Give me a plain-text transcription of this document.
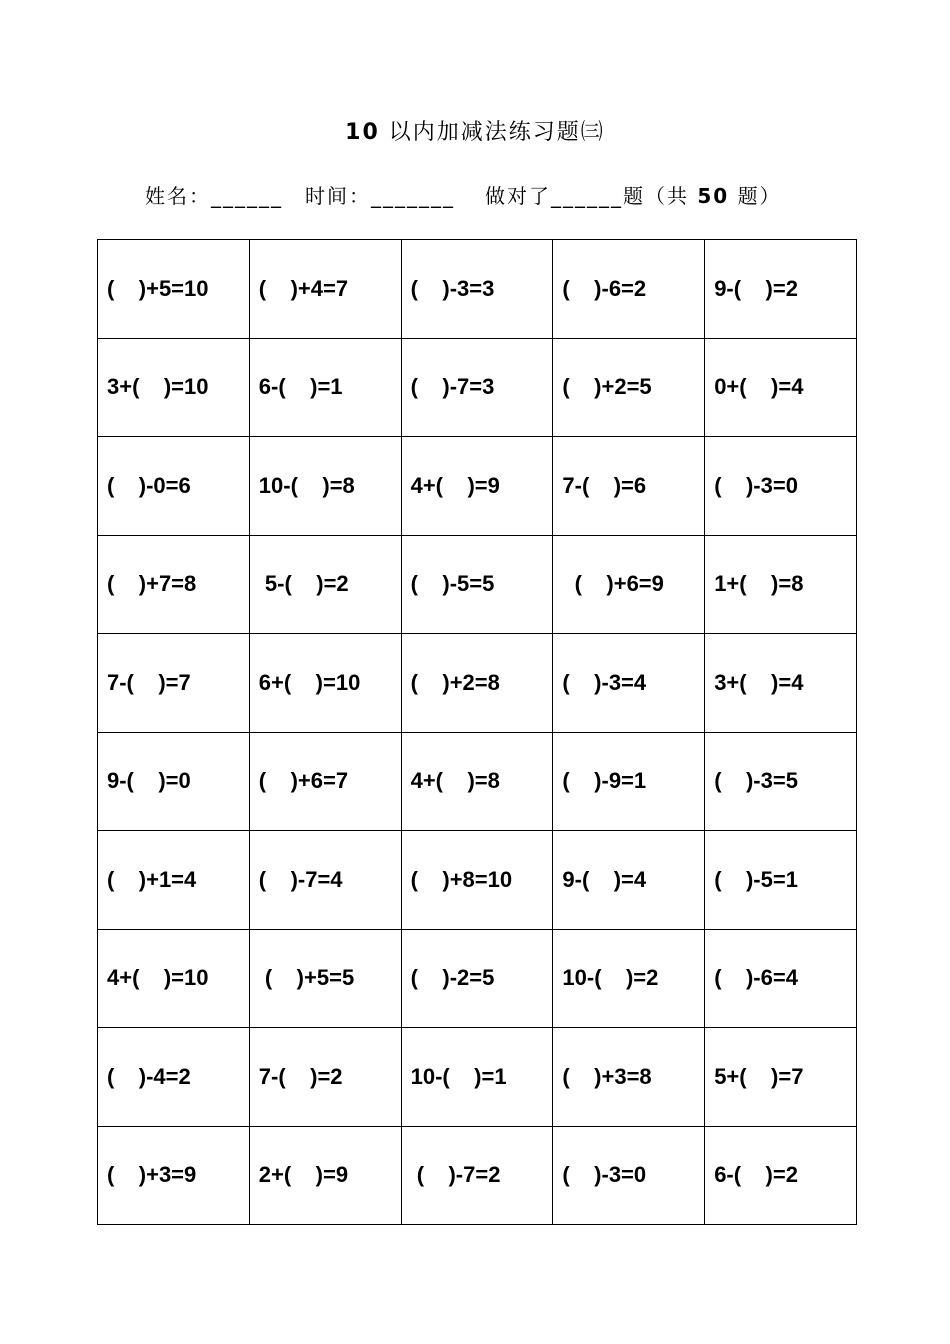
10 以内加减法练习题㈢
姓名：______ 时间：_______ 做对了______题（共 50 题）
(    )+5=10	(    )+4=7	(    )-3=3	(    )-6=2	9-(    )=2
3+(    )=10	6-(    )=1	(    )-7=3	(    )+2=5	0+(    )=4
(    )-0=6	10-(    )=8	4+(    )=9	7-(    )=6	(    )-3=0
(    )+7=8	5-(    )=2	(    )-5=5	(    )+6=9	1+(    )=8
7-(    )=7	6+(    )=10	(    )+2=8	(    )-3=4	3+(    )=4
9-(    )=0	(    )+6=7	4+(    )=8	(    )-9=1	(    )-3=5
(    )+1=4	(    )-7=4	(    )+8=10	9-(    )=4	(    )-5=1
4+(    )=10	(    )+5=5	(    )-2=5	10-(    )=2	(    )-6=4
(    )-4=2	7-(    )=2	10-(    )=1	(    )+3=8	5+(    )=7
(    )+3=9	2+(    )=9	(    )-7=2	(    )-3=0	6-(    )=2
